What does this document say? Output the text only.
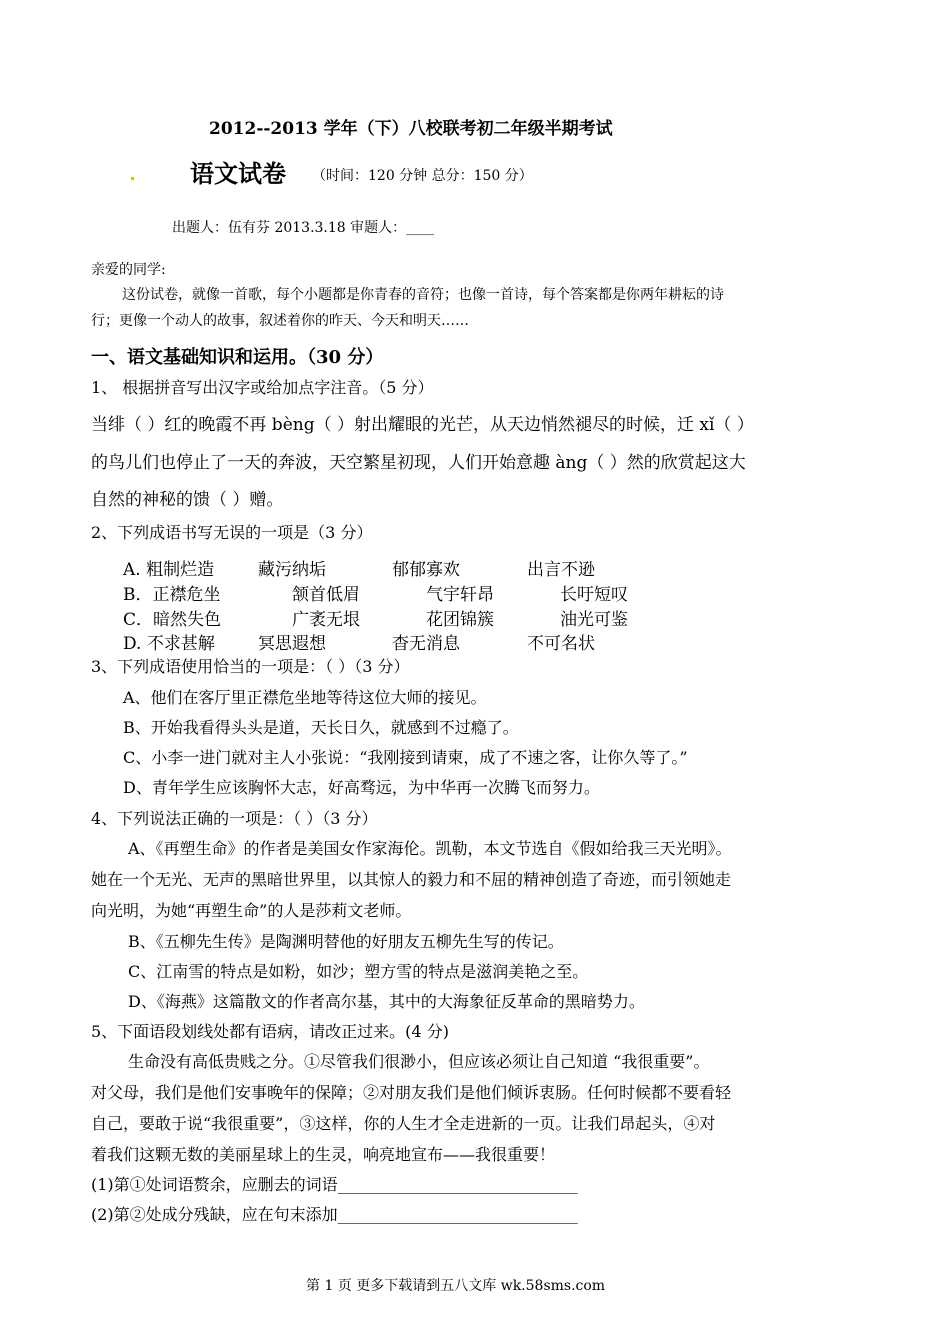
2012--2013 学年（下）八校联考初二年级半期考试
语文试卷 （时间：120 分钟 总分：150 分）
出题人：伍有芬 2013.3.18 审题人：____
亲爱的同学:
这份试卷，就像一首歌，每个小题都是你青春的音符；也像一首诗，每个答案都是你两年耕耘的诗
行；更像一个动人的故事，叙述着你的昨天、今天和明天……
一、语文基础知识和运用。（30 分）
1、 根据拼音写出汉字或给加点字注音。（5 分）
当绯（ ）红的晚霞不再 bèng（ ）射出耀眼的光芒，从天边悄然褪尽的时候，迁 xǐ（ ）
的鸟儿们也停止了一天的奔波，天空繁星初现，人们开始意趣 àng（ ）然的欣赏起这大
自然的神秘的馈（ ）赠。
2、下列成语书写无误的一项是（3 分）
A. 粗制烂造	藏污纳垢	郁郁寡欢	出言不逊
B．正襟危坐	颔首低眉	气宇轩昂	长吁短叹
C．暗然失色	广袤无垠	花团锦簇	油光可鉴
D. 不求甚解	冥思遐想	杳无消息	不可名状
3、下列成语使用恰当的一项是：（ ）（3 分）
A、他们在客厅里正襟危坐地等待这位大师的接见。
B、开始我看得头头是道，天长日久，就感到不过瘾了。
C、小李一进门就对主人小张说：“我刚接到请柬，成了不速之客，让你久等了。”
D、青年学生应该胸怀大志，好高骛远，为中华再一次腾飞而努力。
4、下列说法正确的一项是：（ ）（3 分）
A、《再塑生命》的作者是美国女作家海伦。凯勒，本文节选自《假如给我三天光明》。
她在一个无光、无声的黑暗世界里，以其惊人的毅力和不屈的精神创造了奇迹，而引领她走
向光明，为她“再塑生命”的人是莎莉文老师。
B、《五柳先生传》是陶渊明替他的好朋友五柳先生写的传记。
C、江南雪的特点是如粉，如沙；塑方雪的特点是滋润美艳之至。
D、《海燕》这篇散文的作者高尔基，其中的大海象征反革命的黑暗势力。
5、下面语段划线处都有语病，请改正过来。(4 分)
生命没有高低贵贱之分。①尽管我们很渺小，但应该必须让自己知道 “我很重要”。
对父母，我们是他们安事晚年的保障；②对朋友我们是他们倾诉衷肠。任何时候都不要看轻
自己，要敢于说“我很重要”，③这样，你的人生才全走进新的一页。让我们昂起头，④对
着我们这颗无数的美丽星球上的生灵，响亮地宣布——我很重要！
(1)第①处词语赘余，应删去的词语______________________________
(2)第②处成分残缺，应在句末添加______________________________
第 1 页 更多下载请到五八文库 wk.58sms.com
